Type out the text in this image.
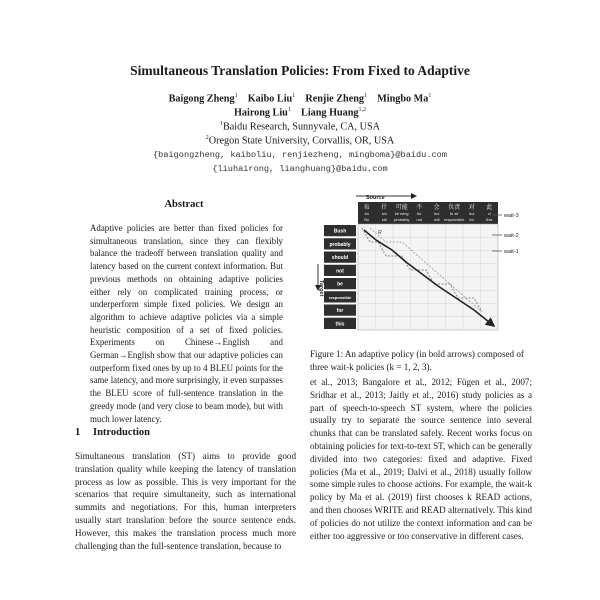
Simultaneous Translation Policies: From Fixed to Adaptive
Baigong Zheng$^1$ Kaibo Liu$^1$ Renjie Zheng$^1$ Mingbo Ma$^1$
Hairong Liu$^1$ Liang Huang$^{1,2}$
$^1$Baidu Research, Sunnyvale, CA, USA
$^2$Oregon State University, Corvallis, OR, USA
{baigongzheng, kaiboliu, renjiezheng, mingboma}@baidu.com
{liuhairong, lianghuang}@baidu.com
Abstract

Adaptive policies are better than fixed policies for simultaneous translation, since they can flexibly balance the tradeoff between translation quality and latency based on the current context information. But previous methods on obtaining adaptive policies either rely on complicated training process, or underperform simple fixed policies. We design an algorithm to achieve adaptive policies via a simple heuristic composition of a set of fixed policies. Experiments on Chinese→English and German→English show that our adaptive policies can outperform fixed ones by up to 4 BLEU points for the same latency, and more surprisingly, it even surpasses the BLEU score of full-sentence translation in the greedy mode (and very close to beam mode), but with much lower latency.

1 Introduction

Simultaneous translation (ST) aims to provide good translation quality while keeping the latency of translation process as low as possible. This is very important for the scenarios that require simultaneity, such as international summits and negotiations. For this, human interpreters usually start translation before the source sentence ends. However, this makes the translation process much more challenging than the full-sentence translation, because to

Source
Target
布
bù
Bu
什
shí
shi
可能
kě néng
probably
不
bù
not
会
huì
will
负责
fù zé
responsible
对
duì
for
此
cǐ
this
Bush
probably
should
not
be
responsible
for
this
R
wait-3
wait-2
wait-1
Figure 1: An adaptive policy (in bold arrows) composed of three wait-k policies (k = 1, 2, 3).

et al., 2013; Bangalore et al., 2012; Fügen et al., 2007; Sridhar et al., 2013; Jaitly et al., 2016) study policies as a part of speech-to-speech ST system, where the policies usually try to separate the source sentence into several chunks that can be translated safely. Recent works focus on obtaining policies for text-to-text ST, which can be generally divided into two categories: fixed and adaptive. Fixed policies (Ma et al., 2019; Dalvi et al., 2018) usually follow some simple rules to choose actions. For example, the wait-k policy by Ma et al. (2019) first chooses k READ actions, and then chooses WRITE and READ alternatively. This kind of policies do not utilize the context information and can be either too aggressive or too conservative in different cases.
